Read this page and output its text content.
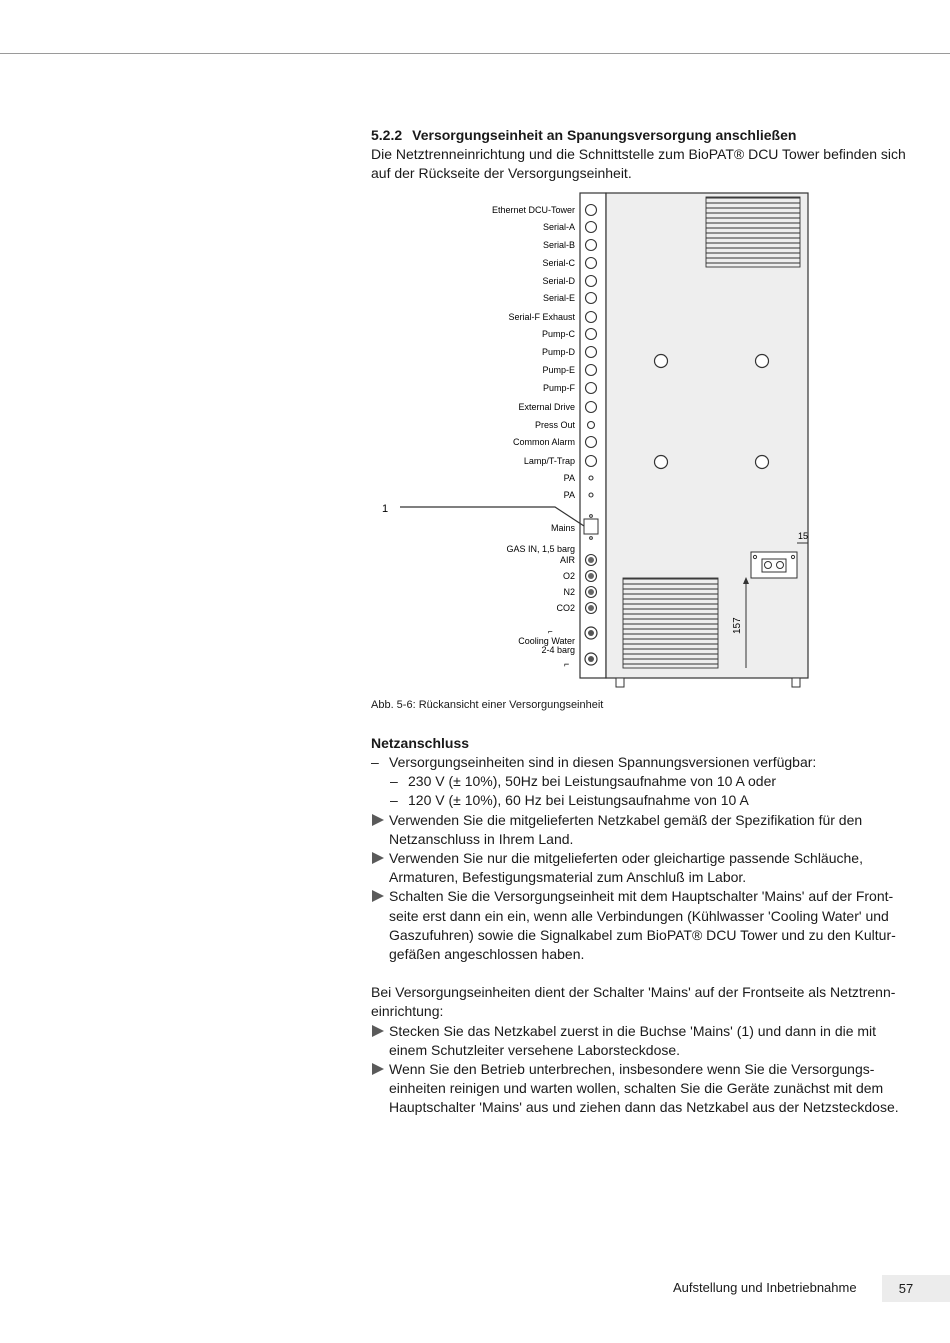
5.2.2 Versorgungseinheit an Spanungsversorgung anschließen

Die Netztrenneinrichtung und die Schnittstelle zum BioPAT® DCU Tower befinden sich

auf der Rückseite der Versorgungseinheit.

15
157
Ethernet DCU-Tower
Serial-A
Serial-B
Serial-C
Serial-D
Serial-E
Serial-F Exhaust
Pump-C
Pump-D
Pump-E
Pump-F
External Drive
Press Out
Common Alarm
Lamp/T-Trap
PA
PA
Mains
1
GAS IN, 1,5 barg
AIR
O2
N2
CO2
⌐
Cooling Water
2-4 barg
⌐
Abb. 5-6: Rückansicht einer Versorgungseinheit
Netzanschluss
– Versorgungseinheiten sind in diesen Spannungsversionen verfügbar:
– 230 V (± 10%), 50Hz bei Leistungsaufnahme von 10 A oder
– 120 V (± 10%), 60 Hz bei Leistungsaufnahme von 10 A
Verwenden Sie die mitgelieferten Netzkabel gemäß der Spezifikation für den
Netzanschluss in Ihrem Land.
Verwenden Sie nur die mitgelieferten oder gleichartige passende Schläuche,
Armaturen, Befestigungsmaterial zum Anschluß im Labor.
Schalten Sie die Versorgungseinheit mit dem Hauptschalter 'Mains' auf der Front-
seite erst dann ein ein, wenn alle Verbindungen (Kühlwasser 'Cooling Water' und
Gaszufuhren) sowie die Signalkabel zum BioPAT® DCU Tower und zu den Kultur-
gefäßen angeschlossen haben.
Bei Versorgungseinheiten dient der Schalter 'Mains' auf der Frontseite als Netztrenn-
einrichtung:
Stecken Sie das Netzkabel zuerst in die Buchse 'Mains' (1) und dann in die mit
einem Schutzleiter versehene Laborsteckdose.
Wenn Sie den Betrieb unterbrechen, insbesondere wenn Sie die Versorgungs-
einheiten reinigen und warten wollen, schalten Sie die Geräte zunächst mit dem
Hauptschalter 'Mains' aus und ziehen dann das Netzkabel aus der Netzsteckdose.
Aufstellung und Inbetriebnahme	57
